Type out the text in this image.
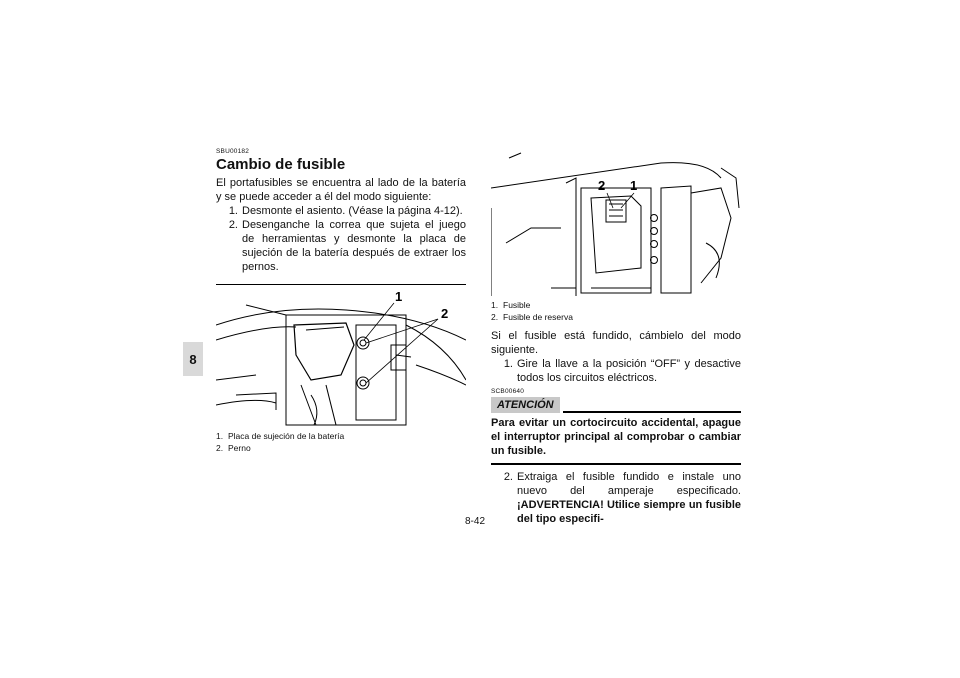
8
SBU00182
Cambio de fusible

El portafusibles se encuentra al lado de la batería y se puede acceder a él del modo siguiente:

1. Desmonte el asiento. (Véase la página 4-12).
2. Desenganche la correa que sujeta el juego de herramientas y desmonte la placa de sujeción de la batería después de extraer los pernos.
1
2
1. Placa de sujeción de la batería
2. Perno
2 1
1. Fusible
2. Fusible de reserva

Si el fusible está fundido, cámbielo del modo siguiente.

1. Gire la llave a la posición “OFF” y desactive todos los circuitos eléctricos.
SCB00640
ATENCIÓN

Para evitar un cortocircuito accidental, apague el interruptor principal al comprobar o cambiar un fusible.

2. Extraiga el fusible fundido e instale uno nuevo del amperaje especificado. ¡ADVERTENCIA! Utilice siempre un fusible del tipo especifi-
8-42
